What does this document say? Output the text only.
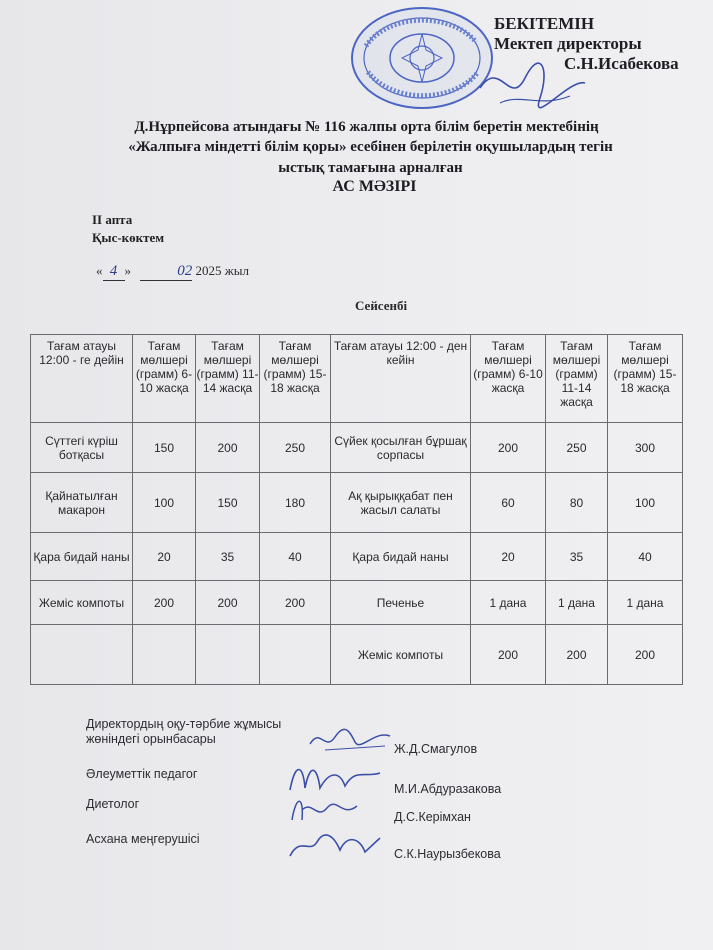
БЕКІТЕМІН
Мектеп директоры
С.Н.Исабекова
Д.Нұрпейсова атындағы № 116 жалпы орта білім беретін мектебінің
«Жалпыға міндетті білім қоры» есебінен берілетін оқушылардың тегін
ыстық тамағына арналған
АС МӘЗІРІ
II апта
Қыс-көктем
« 4 »	02 2025 жыл
Сейсенбі
Тағам атауы 12:00 - ге дейін	Тағам мөлшері (грамм) 6-10 жасқа	Тағам мөлшері (грамм) 11-14 жасқа	Тағам мөлшері (грамм) 15-18 жасқа	Тағам атауы 12:00 - ден кейін	Тағам мөлшері (грамм) 6-10 жасқа	Тағам мөлшері (грамм) 11-14 жасқа	Тағам мөлшері (грамм) 15-18 жасқа
Сүттегі күріш ботқасы	150	200	250	Сүйек қосылған бұршақ сорпасы	200	250	300
Қайнатылған макарон	100	150	180	Ақ қырыққабат пен жасыл салаты	60	80	100
Қара бидай наны	20	35	40	Қара бидай наны	20	35	40
Жеміс компоты	200	200	200	Печенье	1 дана	1 дана	1 дана
				Жеміс компоты	200	200	200
Директордың оқу-тәрбие жұмысы жөніндегі орынбасары
Ж.Д.Смагулов
Әлеуметтік педагог
М.И.Абдуразакова
Диетолог
Д.С.Керімхан
Асхана меңгерушісі
С.К.Наурызбекова
